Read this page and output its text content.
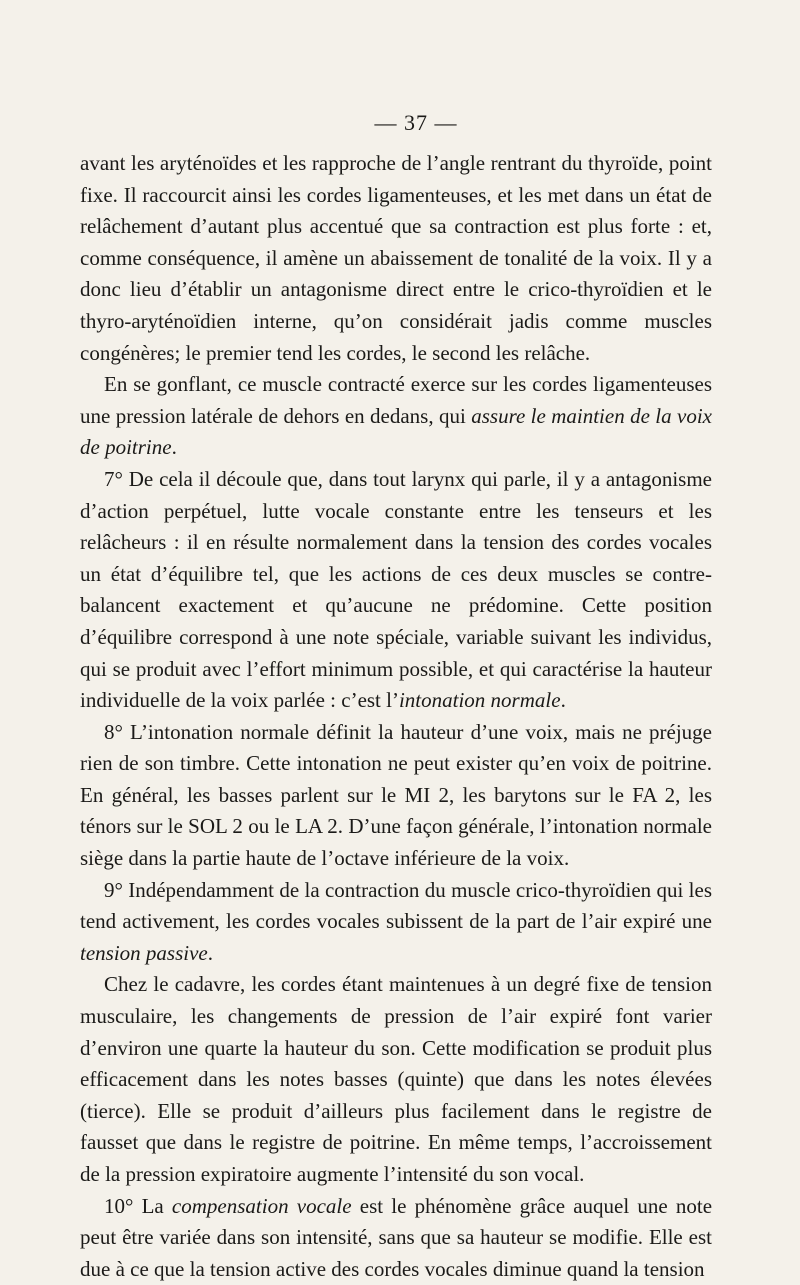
— 37 —

avant les aryténoïdes et les rapproche de l’angle rentrant du thyroïde, point fixe. Il raccourcit ainsi les cordes ligamenteuses, et les met dans un état de relâchement d’autant plus accentué que sa contraction est plus forte : et, comme conséquence, il amène un abaissement de tonalité de la voix. Il y a donc lieu d’établir un antagonisme direct entre le crico-thyroïdien et le thyro-aryténoïdien interne, qu’on considérait jadis comme muscles congénères; le premier tend les cordes, le second les relâche.

En se gonflant, ce muscle contracté exerce sur les cordes ligamenteuses une pression latérale de dehors en dedans, qui assure le maintien de la voix de poitrine.

7° De cela il découle que, dans tout larynx qui parle, il y a antagonisme d’action perpétuel, lutte vocale constante entre les tenseurs et les relâcheurs : il en résulte normalement dans la tension des cordes vocales un état d’équilibre tel, que les actions de ces deux muscles se contre-balancent exactement et qu’aucune ne prédomine. Cette position d’équilibre correspond à une note spéciale, variable suivant les individus, qui se produit avec l’effort minimum possible, et qui caractérise la hauteur individuelle de la voix parlée : c’est l’intonation normale.

8° L’intonation normale définit la hauteur d’une voix, mais ne préjuge rien de son timbre. Cette intonation ne peut exister qu’en voix de poitrine. En général, les basses parlent sur le MI 2, les barytons sur le FA 2, les ténors sur le SOL 2 ou le LA 2. D’une façon générale, l’intonation normale siège dans la partie haute de l’octave inférieure de la voix.

9° Indépendamment de la contraction du muscle crico-thyroïdien qui les tend activement, les cordes vocales subissent de la part de l’air expiré une tension passive.

Chez le cadavre, les cordes étant maintenues à un degré fixe de tension musculaire, les changements de pression de l’air expiré font varier d’environ une quarte la hauteur du son. Cette modification se produit plus efficacement dans les notes basses (quinte) que dans les notes élevées (tierce). Elle se produit d’ailleurs plus facilement dans le registre de fausset que dans le registre de poitrine. En même temps, l’accroissement de la pression expiratoire augmente l’intensité du son vocal.

10° La compensation vocale est le phénomène grâce auquel une note peut être variée dans son intensité, sans que sa hauteur se modifie. Elle est due à ce que la tension active des cordes vocales diminue quand la tension
